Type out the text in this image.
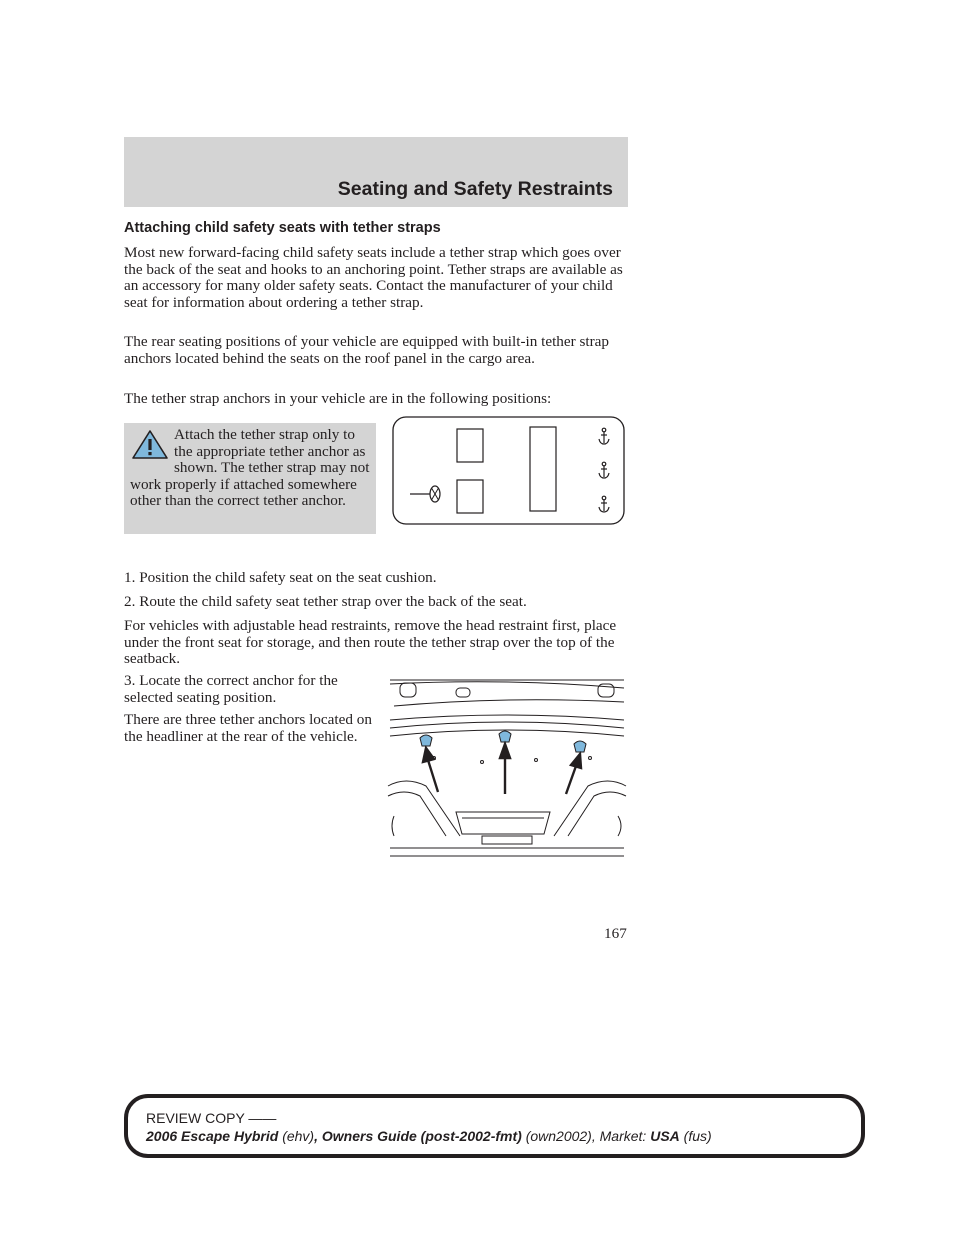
Seating and Safety Restraints
Attaching child safety seats with tether straps

Most new forward-facing child safety seats include a tether strap which goes over the back of the seat and hooks to an anchoring point. Tether straps are available as an accessory for many older safety seats. Contact the manufacturer of your child seat for information about ordering a tether strap.

The rear seating positions of your vehicle are equipped with built-in tether strap anchors located behind the seats on the roof panel in the cargo area.

The tether strap anchors in your vehicle are in the following positions:

Attach the tether strap only to the appropriate tether anchor as shown. The tether strap may not work properly if attached somewhere other than the correct tether anchor.

1. Position the child safety seat on the seat cushion.

2. Route the child safety seat tether strap over the back of the seat.

For vehicles with adjustable head restraints, remove the head restraint first, place under the front seat for storage, and then route the tether strap over the top of the seatback.

3. Locate the correct anchor for the selected seating position.

There are three tether anchors located on the headliner at the rear of the vehicle.

167

REVIEW COPY ——

2006 Escape Hybrid (ehv), Owners Guide (post-2002-fmt) (own2002), Market: USA (fus)
